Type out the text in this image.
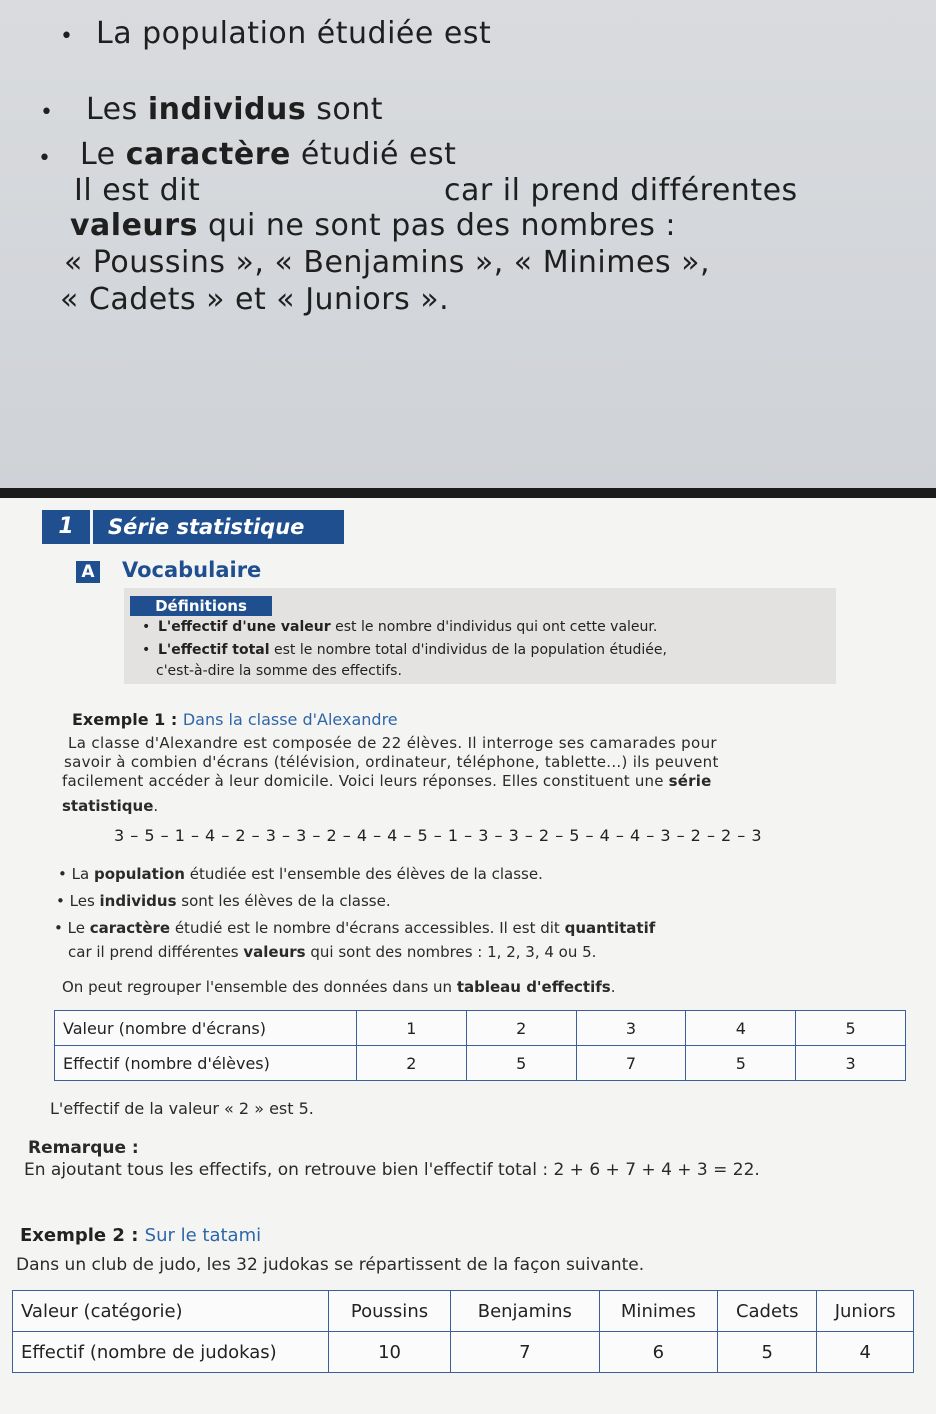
• La population étudiée est
• Les individus sont
• Le caractère étudié est
Il est dit	car il prend différentes
valeurs qui ne sont pas des nombres :
« Poussins », « Benjamins », « Minimes »,
« Cadets » et « Juniors ».
1	Série statistique
A Vocabulaire
Définitions
• L'effectif d'une valeur est le nombre d'individus qui ont cette valeur.
• L'effectif total est le nombre total d'individus de la population étudiée,
c'est-à-dire la somme des effectifs.
Exemple 1 : Dans la classe d'Alexandre
La classe d'Alexandre est composée de 22 élèves. Il interroge ses camarades pour
savoir à combien d'écrans (télévision, ordinateur, téléphone, tablette...) ils peuvent
facilement accéder à leur domicile. Voici leurs réponses. Elles constituent une série
statistique.
3 – 5 – 1 – 4 – 2 – 3 – 3 – 2 – 4 – 4 – 5 – 1 – 3 – 3 – 2 – 5 – 4 – 4 – 3 – 2 – 2 – 3
• La population étudiée est l'ensemble des élèves de la classe.
• Les individus sont les élèves de la classe.
• Le caractère étudié est le nombre d'écrans accessibles. Il est dit quantitatif
car il prend différentes valeurs qui sont des nombres : 1, 2, 3, 4 ou 5.
On peut regrouper l'ensemble des données dans un tableau d'effectifs.
Valeur (nombre d'écrans)	1	2	3	4	5
Effectif (nombre d'élèves)	2	5	7	5	3
L'effectif de la valeur « 2 » est 5.
Remarque :
En ajoutant tous les effectifs, on retrouve bien l'effectif total : 2 + 6 + 7 + 4 + 3 = 22.
Exemple 2 : Sur le tatami
Dans un club de judo, les 32 judokas se répartissent de la façon suivante.
Valeur (catégorie)	Poussins	Benjamins	Minimes	Cadets	Juniors
Effectif (nombre de judokas)	10	7	6	5	4
